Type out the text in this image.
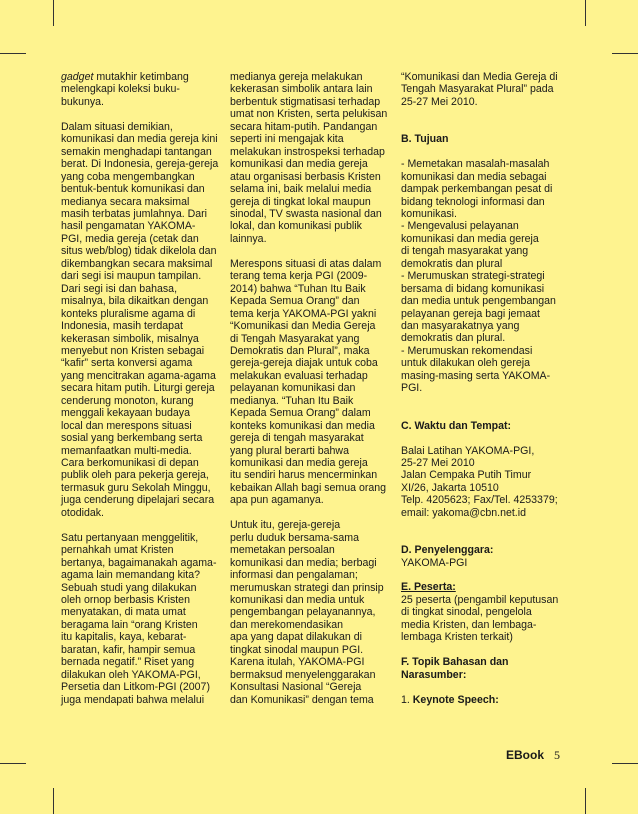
gadget mutakhir ketimbang
melengkapi koleksi buku-
bukunya.
Dalam situasi demikian,
komunikasi dan media gereja kini
semakin menghadapi tantangan
berat. Di Indonesia, gereja-gereja
yang coba mengembangkan
bentuk-bentuk komunikasi dan
medianya secara maksimal
masih terbatas jumlahnya. Dari
hasil pengamatan YAKOMA-
PGI, media gereja (cetak dan
situs web/blog) tidak dikelola dan
dikembangkan secara maksimal
dari segi isi maupun tampilan.
Dari segi isi dan bahasa,
misalnya, bila dikaitkan dengan
konteks pluralisme agama di
Indonesia, masih terdapat
kekerasan simbolik, misalnya
menyebut non Kristen sebagai
“kafir” serta konversi agama
yang mencitrakan agama-agama
secara hitam putih. Liturgi gereja
cenderung monoton, kurang
menggali kekayaan budaya
local dan merespons situasi
sosial yang berkembang serta
memanfaatkan multi-media.
Cara berkomunikasi di depan
publik oleh para pekerja gereja,
termasuk guru Sekolah Minggu,
juga cenderung dipelajari secara
otodidak.
Satu pertanyaan menggelitik,
pernahkah umat Kristen
bertanya, bagaimanakah agama-
agama lain memandang kita?
Sebuah studi yang dilakukan
oleh ornop berbasis Kristen
menyatakan, di mata umat
beragama lain “orang Kristen
itu kapitalis, kaya, kebarat-
baratan, kafir, hampir semua
bernada negatif.” Riset yang
dilakukan oleh YAKOMA-PGI,
Persetia dan Litkom-PGI (2007)
juga mendapati bahwa melalui
medianya gereja melakukan
kekerasan simbolik antara lain
berbentuk stigmatisasi terhadap
umat non Kristen, serta pelukisan
secara hitam-putih. Pandangan
seperti ini mengajak kita
melakukan instrospeksi terhadap
komunikasi dan media gereja
atau organisasi berbasis Kristen
selama ini, baik melalui media
gereja di tingkat lokal maupun
sinodal, TV swasta nasional dan
lokal, dan komunikasi publik
lainnya.
Merespons situasi di atas dalam
terang tema kerja PGI (2009-
2014) bahwa “Tuhan Itu Baik
Kepada Semua Orang” dan
tema kerja YAKOMA-PGI yakni
“Komunikasi dan Media Gereja
di Tengah Masyarakat yang
Demokratis dan Plural”, maka
gereja-gereja diajak untuk coba
melakukan evaluasi terhadap
pelayanan komunikasi dan
medianya. “Tuhan Itu Baik
Kepada Semua Orang” dalam
konteks komunikasi dan media
gereja di tengah masyarakat
yang plural berarti bahwa
komunikasi dan media gereja
itu sendiri harus mencerminkan
kebaikan Allah bagi semua orang
apa pun agamanya.
Untuk itu, gereja-gereja
perlu duduk bersama-sama
memetakan persoalan
komunikasi dan media; berbagi
informasi dan pengalaman;
merumuskan strategi dan prinsip
komunikasi dan media untuk
pengembangan pelayanannya,
dan merekomendasikan
apa yang dapat dilakukan di
tingkat sinodal maupun PGI.
Karena itulah, YAKOMA-PGI
bermaksud menyelenggarakan
Konsultasi Nasional “Gereja
dan Komunikasi” dengan tema
“Komunikasi dan Media Gereja di
Tengah Masyarakat Plural” pada
25-27 Mei 2010.
B. Tujuan
- Memetakan masalah-masalah
komunikasi dan media sebagai
dampak perkembangan pesat di
bidang teknologi informasi dan
komunikasi.
- Mengevalusi pelayanan
komunikasi dan media gereja
di tengah masyarakat yang
demokratis dan plural
- Merumuskan strategi-strategi
bersama di bidang komunikasi
dan media untuk pengembangan
pelayanan gereja bagi jemaat
dan masyarakatnya yang
demokratis dan plural.
- Merumuskan rekomendasi
untuk dilakukan oleh gereja
masing-masing serta YAKOMA-
PGI.
C. Waktu dan Tempat:
Balai Latihan YAKOMA-PGI,
25-27 Mei 2010
Jalan Cempaka Putih Timur
XI/26, Jakarta 10510
Telp. 4205623; Fax/Tel. 4253379;
email: yakoma@cbn.net.id
D. Penyelenggara:
YAKOMA-PGI
E. Peserta:
25 peserta (pengambil keputusan
di tingkat sinodal, pengelola
media Kristen, dan lembaga-
lembaga Kristen terkait)
F. Topik Bahasan dan
Narasumber:
1. Keynote Speech:
EBook 5
